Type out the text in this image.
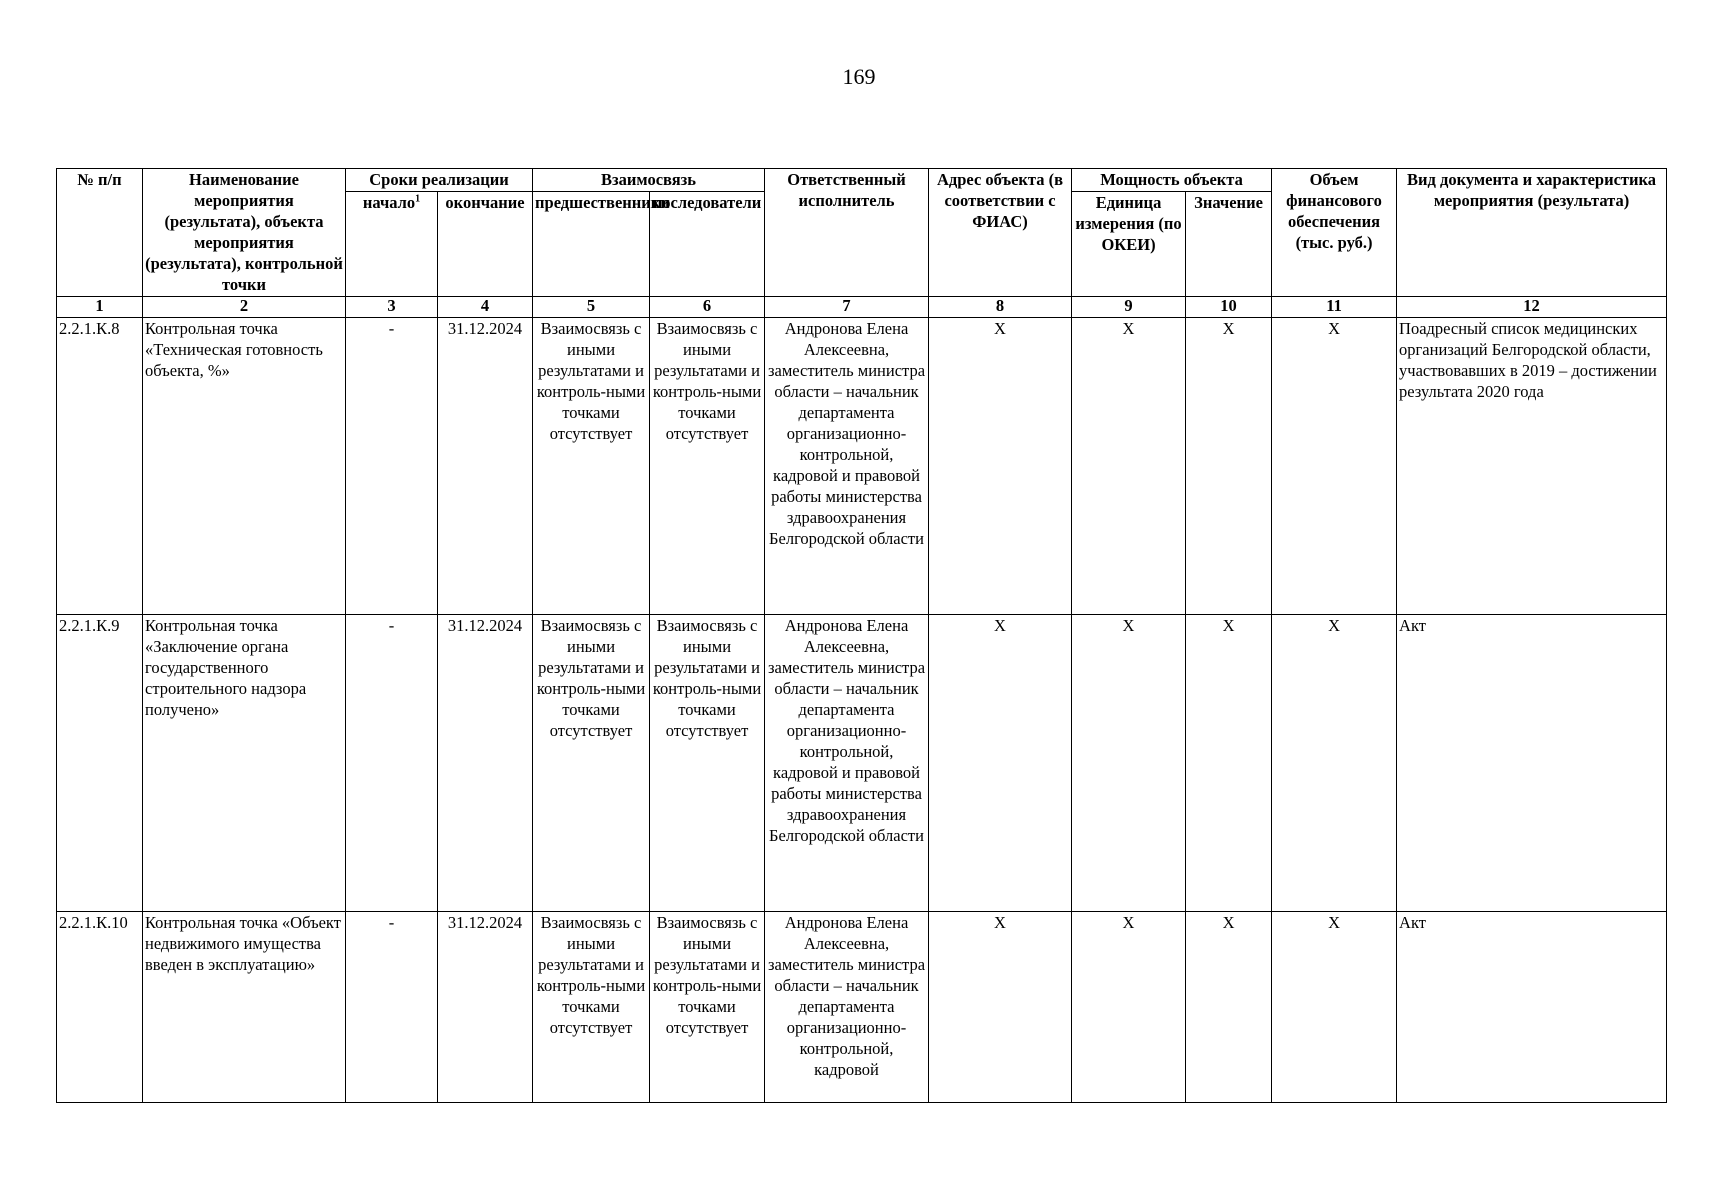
169
№ п/п	Наименование мероприятия (результата), объекта мероприятия (результата), контрольной точки	Сроки реализации		Взаимосвязь		Ответственный исполнитель	Адрес объекта (в соответствии с ФИАС)	Мощность объекта		Объем финансового обеспечения (тыс. руб.)	Вид документа и характеристика мероприятия (результата)
		начало$^1$	окончание	предшественники	последователи			Единица измерения (по ОКЕИ)	Значение		
1	2	3	4	5	6	7	8	9	10	11	12
2.2.1.К.8	Контрольная точка «Техническая готовность объекта, %»	-	31.12.2024	Взаимосвязь с иными результатами и контроль-ными точками отсутствует	Взаимосвязь с иными результатами и контроль-ными точками отсутствует	Андронова Елена Алексеевна, заместитель министра области – начальник департамента организационно-контрольной, кадровой и правовой работы министерства здравоохранения Белгородской области	X	X	X	X	Поадресный список медицинских организаций Белгородской области, участвовавших в 2019 – достижении результата 2020 года
2.2.1.К.9	Контрольная точка «Заключение органа государственного строительного надзора получено»	-	31.12.2024	Взаимосвязь с иными результатами и контроль-ными точками отсутствует	Взаимосвязь с иными результатами и контроль-ными точками отсутствует	Андронова Елена Алексеевна, заместитель министра области – начальник департамента организационно-контрольной, кадровой и правовой работы министерства здравоохранения Белгородской области	X	X	X	X	Акт
2.2.1.К.10	Контрольная точка «Объект недвижимого имущества введен в эксплуатацию»	-	31.12.2024	Взаимосвязь с иными результатами и контроль-ными точками отсутствует	Взаимосвязь с иными результатами и контроль-ными точками отсутствует	Андронова Елена Алексеевна, заместитель министра области – начальник департамента организационно-контрольной, кадровой	X	X	X	X	Акт
